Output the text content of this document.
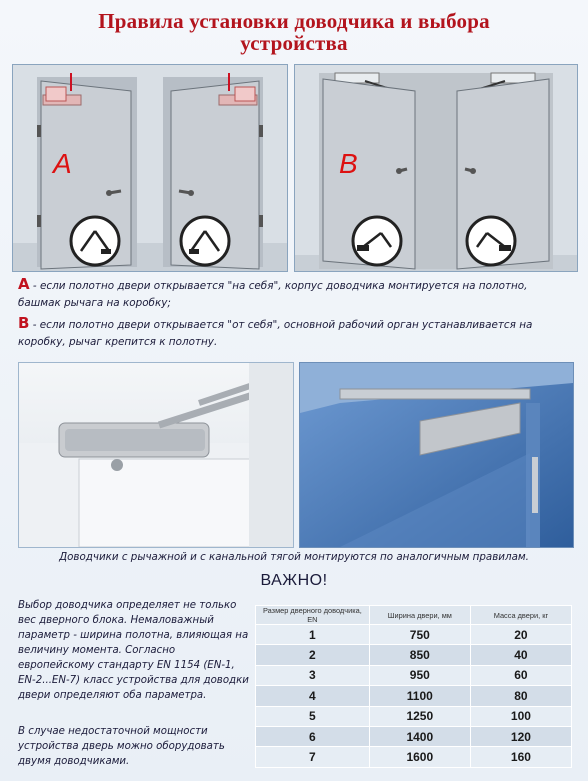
Правила установки доводчика и выбора
устройства
A	B
А - если полотно двери открывается "на себя", корпус доводчика монтируется на полотно, башмак рычага на коробку;
В - если полотно двери открывается "от себя", основной рабочий орган устанавливается на коробку, рычаг крепится к полотну.
Доводчики с рычажной и с канальной тягой монтируются по аналогичным правилам.
ВАЖНО!

Выбор доводчика определяет не только вес дверного блока. Немаловажный параметр - ширина полотна, влияющая на величину момента. Согласно европейскому стандарту EN 1154 (EN-1, EN-2...EN-7) класс устройства для доводки двери определяют оба параметра.

В случае недостаточной мощности устройства дверь можно оборудовать двумя доводчиками.

Размер дверного доводчика, EN	Ширина двери, мм	Масса двери, кг
1	750	20
2	850	40
3	950	60
4	1100	80
5	1250	100
6	1400	120
7	1600	160
